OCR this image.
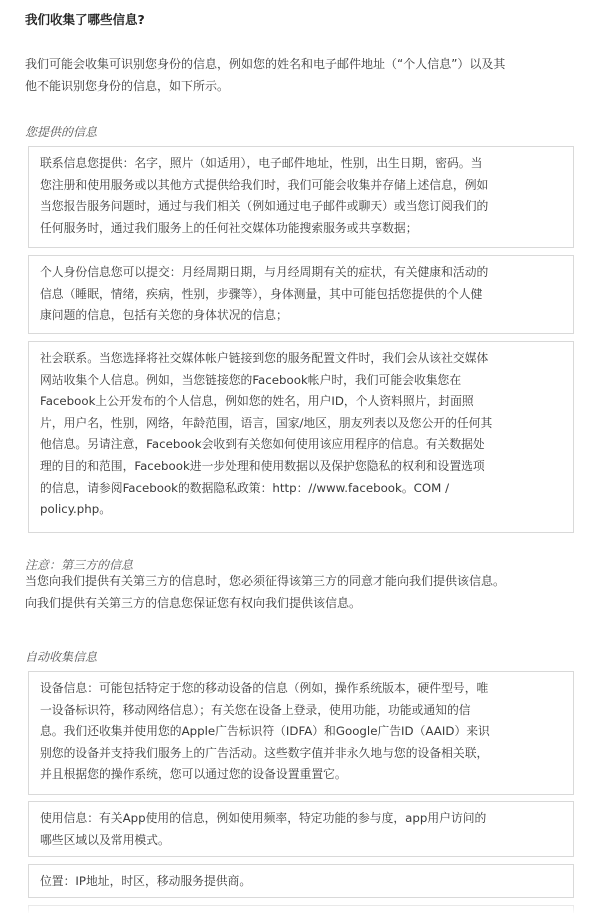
我们收集了哪些信息?

我们可能会收集可识别您身份的信息，例如您的姓名和电子邮件地址（“个人信息”）以及其
他不能识别您身份的信息，如下所示。

您提供的信息

联系信息您提供：名字，照片（如适用），电子邮件地址，性别，出生日期，密码。当
您注册和使用服务或以其他方式提供给我们时，我们可能会收集并存储上述信息，例如
当您报告服务问题时，通过与我们相关（例如通过电子邮件或聊天）或当您订阅我们的
任何服务时，通过我们服务上的任何社交媒体功能搜索服务或共享数据；

个人身份信息您可以提交：月经周期日期，与月经周期有关的症状，有关健康和活动的
信息（睡眠，情绪，疾病，性别，步骤等），身体测量，其中可能包括您提供的个人健
康问题的信息，包括有关您的身体状况的信息；

社会联系。当您选择将社交媒体帐户链接到您的服务配置文件时，我们会从该社交媒体
网站收集个人信息。例如，当您链接您的Facebook帐户时，我们可能会收集您在
Facebook上公开发布的个人信息，例如您的姓名，用户ID，个人资料照片，封面照
片，用户名，性别，网络，年龄范围，语言，国家/地区，朋友列表以及您公开的任何其
他信息。另请注意，Facebook会收到有关您如何使用该应用程序的信息。有关数据处
理的目的和范围，Facebook进一步处理和使用数据以及保护您隐私的权利和设置选项
的信息，请参阅Facebook的数据隐私政策：http：//www.facebook。COM /
policy.php。

注意：第三方的信息

当您向我们提供有关第三方的信息时，您必须征得该第三方的同意才能向我们提供该信息。
向我们提供有关第三方的信息您保证您有权向我们提供该信息。

自动收集信息

设备信息：可能包括特定于您的移动设备的信息（例如，操作系统版本，硬件型号，唯
一设备标识符，移动网络信息）；有关您在设备上登录，使用功能，功能或通知的信
息。我们还收集并使用您的Apple广告标识符（IDFA）和Google广告ID（AAID）来识
别您的设备并支持我们服务上的广告活动。这些数字值并非永久地与您的设备相关联，
并且根据您的操作系统，您可以通过您的设备设置重置它。

使用信息：有关App使用的信息，例如使用频率，特定功能的参与度，app用户访问的
哪些区域以及常用模式。

位置：IP地址，时区，移动服务提供商。
